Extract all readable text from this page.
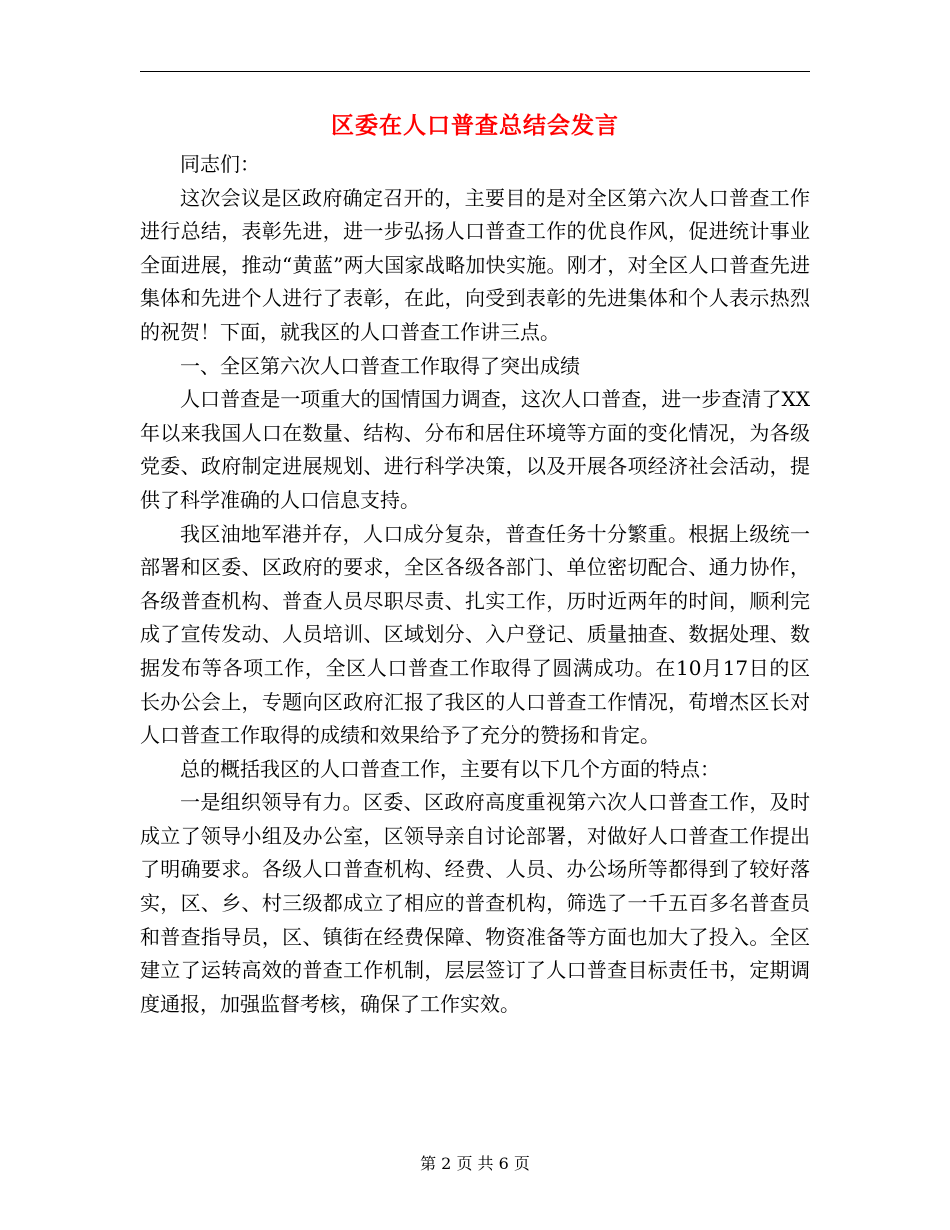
区委在人口普查总结会发言

同志们：

这次会议是区政府确定召开的，主要目的是对全区第六次人口普查工作进行总结，表彰先进，进一步弘扬人口普查工作的优良作风，促进统计事业全面进展，推动“黄蓝”两大国家战略加快实施。刚才，对全区人口普查先进集体和先进个人进行了表彰，在此，向受到表彰的先进集体和个人表示热烈的祝贺！下面，就我区的人口普查工作讲三点。

一、全区第六次人口普查工作取得了突出成绩

人口普查是一项重大的国情国力调查，这次人口普查，进一步查清了XX年以来我国人口在数量、结构、分布和居住环境等方面的变化情况，为各级党委、政府制定进展规划、进行科学决策，以及开展各项经济社会活动，提供了科学准确的人口信息支持。

我区油地军港并存，人口成分复杂，普查任务十分繁重。根据上级统一部署和区委、区政府的要求，全区各级各部门、单位密切配合、通力协作，各级普查机构、普查人员尽职尽责、扎实工作，历时近两年的时间，顺利完成了宣传发动、人员培训、区域划分、入户登记、质量抽查、数据处理、数据发布等各项工作，全区人口普查工作取得了圆满成功。在10月17日的区长办公会上，专题向区政府汇报了我区的人口普查工作情况，荀增杰区长对人口普查工作取得的成绩和效果给予了充分的赞扬和肯定。

总的概括我区的人口普查工作，主要有以下几个方面的特点：

一是组织领导有力。区委、区政府高度重视第六次人口普查工作，及时成立了领导小组及办公室，区领导亲自讨论部署，对做好人口普查工作提出了明确要求。各级人口普查机构、经费、人员、办公场所等都得到了较好落实，区、乡、村三级都成立了相应的普查机构，筛选了一千五百多名普查员和普查指导员，区、镇街在经费保障、物资准备等方面也加大了投入。全区建立了运转高效的普查工作机制，层层签订了人口普查目标责任书，定期调度通报，加强监督考核，确保了工作实效。

第 2 页 共 6 页
